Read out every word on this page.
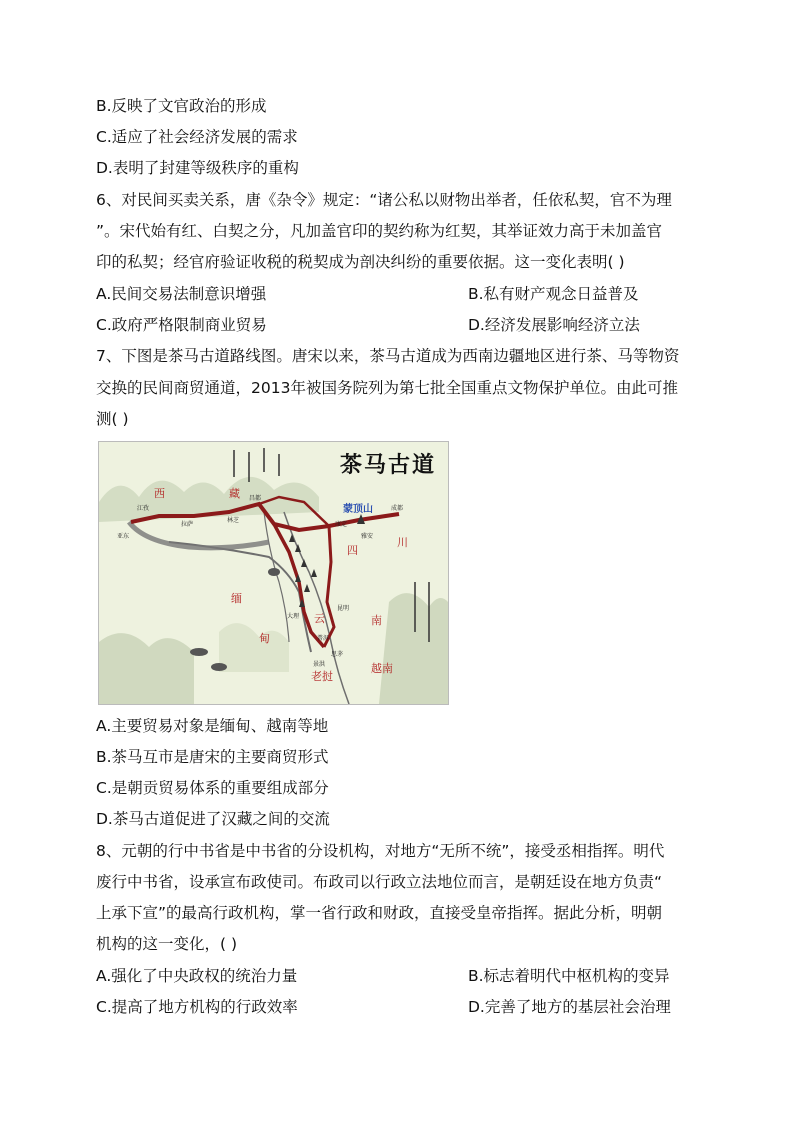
B.反映了文官政治的形成
C.适应了社会经济发展的需求
D.表明了封建等级秩序的重构
6、对民间买卖关系，唐《杂令》规定：“诸公私以财物出举者，任依私契，官不为理
”。宋代始有红、白契之分，凡加盖官印的契约称为红契，其举证效力高于未加盖官
印的私契；经官府验证收税的税契成为剖决纠纷的重要依据。这一变化表明( )
A.民间交易法制意识增强	B.私有财产观念日益普及
C.政府严格限制商业贸易	D.经济发展影响经济立法
7、下图是茶马古道路线图。唐宋以来，茶马古道成为西南边疆地区进行茶、马等物资
交换的民间商贸通道，2013年被国务院列为第七批全国重点文物保护单位。由此可推
测( )
西	藏
四
川
缅
甸
云	南
老挝
越南
亚东
江孜
拉萨
林芝
昌都
成都
雅安
康定
大理
昆明
普洱
思茅
景洪
蒙顶山
茶马古道
A.主要贸易对象是缅甸、越南等地
B.茶马互市是唐宋的主要商贸形式
C.是朝贡贸易体系的重要组成部分
D.茶马古道促进了汉藏之间的交流
8、元朝的行中书省是中书省的分设机构，对地方“无所不统”，接受丞相指挥。明代
废行中书省，设承宣布政使司。布政司以行政立法地位而言，是朝廷设在地方负责“
上承下宣”的最高行政机构，掌一省行政和财政，直接受皇帝指挥。据此分析，明朝
机构的这一变化，( )
A.强化了中央政权的统治力量	B.标志着明代中枢机构的变异
C.提高了地方机构的行政效率	D.完善了地方的基层社会治理
